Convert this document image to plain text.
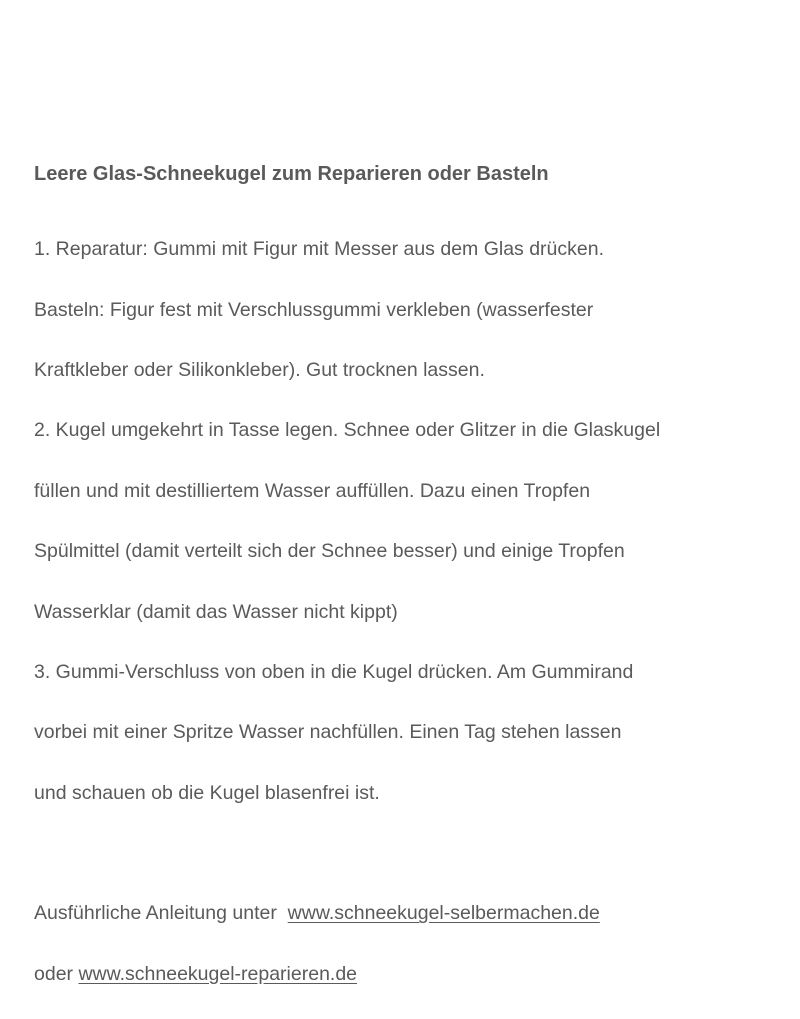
Leere Glas-Schneekugel zum Reparieren oder Basteln

1. Reparatur: Gummi mit Figur mit Messer aus dem Glas drücken.

Basteln: Figur fest mit Verschlussgummi verkleben (wasserfester

Kraftkleber oder Silikonkleber). Gut trocknen lassen.

2. Kugel umgekehrt in Tasse legen. Schnee oder Glitzer in die Glaskugel

füllen und mit destilliertem Wasser auffüllen. Dazu einen Tropfen

Spülmittel (damit verteilt sich der Schnee besser) und einige Tropfen

Wasserklar (damit das Wasser nicht kippt)

3. Gummi-Verschluss von oben in die Kugel drücken. Am Gummirand

vorbei mit einer Spritze Wasser nachfüllen. Einen Tag stehen lassen

und schauen ob die Kugel blasenfrei ist.

Ausführliche Anleitung unter www.schneekugel-selbermachen.de

oder www.schneekugel-reparieren.de
